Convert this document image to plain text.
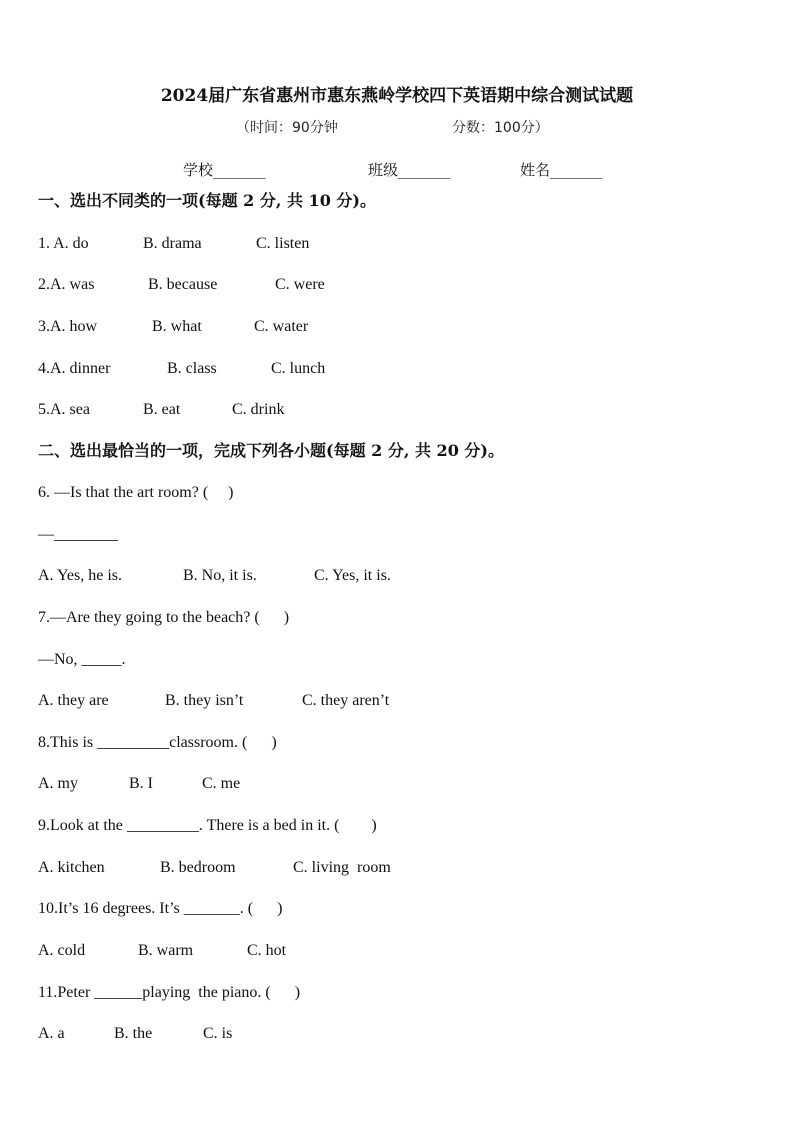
2024届广东省惠州市惠东燕岭学校四下英语期中综合测试试题
（时间：90分钟	分数：100分）
学校_______	班级_______	姓名_______
一、选出不同类的一项(每题 2 分, 共 10 分)。
1. A. do	B. drama	C. listen
2.A. was	B. because	C. were
3.A. how	B. what	C. water
4.A. dinner	B. class	C. lunch
5.A. sea	B. eat	C. drink
二、选出最恰当的一项，完成下列各小题(每题 2 分, 共 20 分)。
6. —Is that the art room? (     )
—________
A. Yes, he is.	B. No, it is.	C. Yes, it is.
7.—Are they going to the beach? (      )
—No, _____.
A. they are	B. they isn’t	C. they aren’t
8.This is _________classroom. (      )
A. my	B. I	C. me
9.Look at the _________. There is a bed in it. (        )
A. kitchen	B. bedroom	C. living  room
10.It’s 16 degrees. It’s _______. (      )
A. cold	B. warm	C. hot
11.Peter ______playing  the piano. (      )
A. a	B. the	C. is
